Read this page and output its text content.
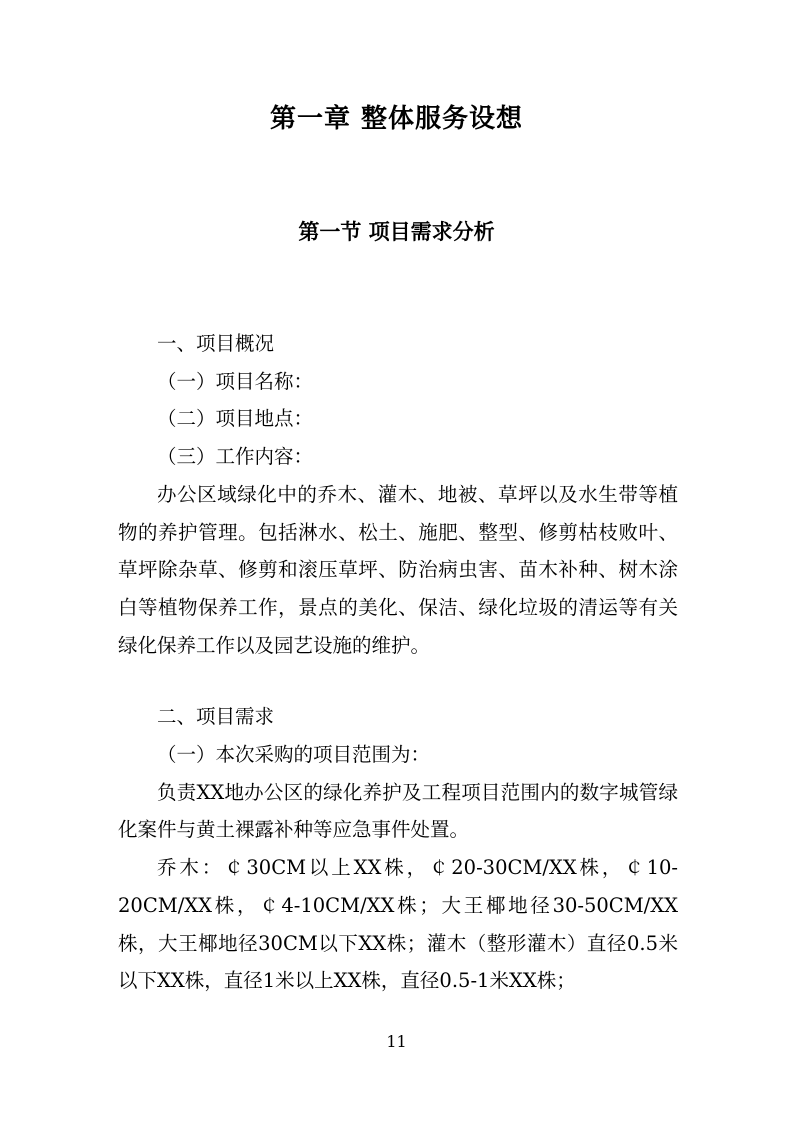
第一章 整体服务设想
第一节 项目需求分析

一、项目概况

（一）项目名称：

（二）项目地点：

（三）工作内容：

办公区域绿化中的乔木、灌木、地被、草坪以及水生带等植物的养护管理。包括淋水、松土、施肥、整型、修剪枯枝败叶、草坪除杂草、修剪和滚压草坪、防治病虫害、苗木补种、树木涂白等植物保养工作，景点的美化、保洁、绿化垃圾的清运等有关绿化保养工作以及园艺设施的维护。

二、项目需求

（一）本次采购的项目范围为：

负责XX地办公区的绿化养护及工程项目范围内的数字城管绿化案件与黄土裸露补种等应急事件处置。

乔木：￠30CM以上XX株，￠20-30CM/XX株，￠10-20CM/XX株，￠4-10CM/XX株；大王椰地径30-50CM/XX株，大王椰地径30CM以下XX株；灌木（整形灌木）直径0.5米以下XX株，直径1米以上XX株，直径0.5-1米XX株；

11
